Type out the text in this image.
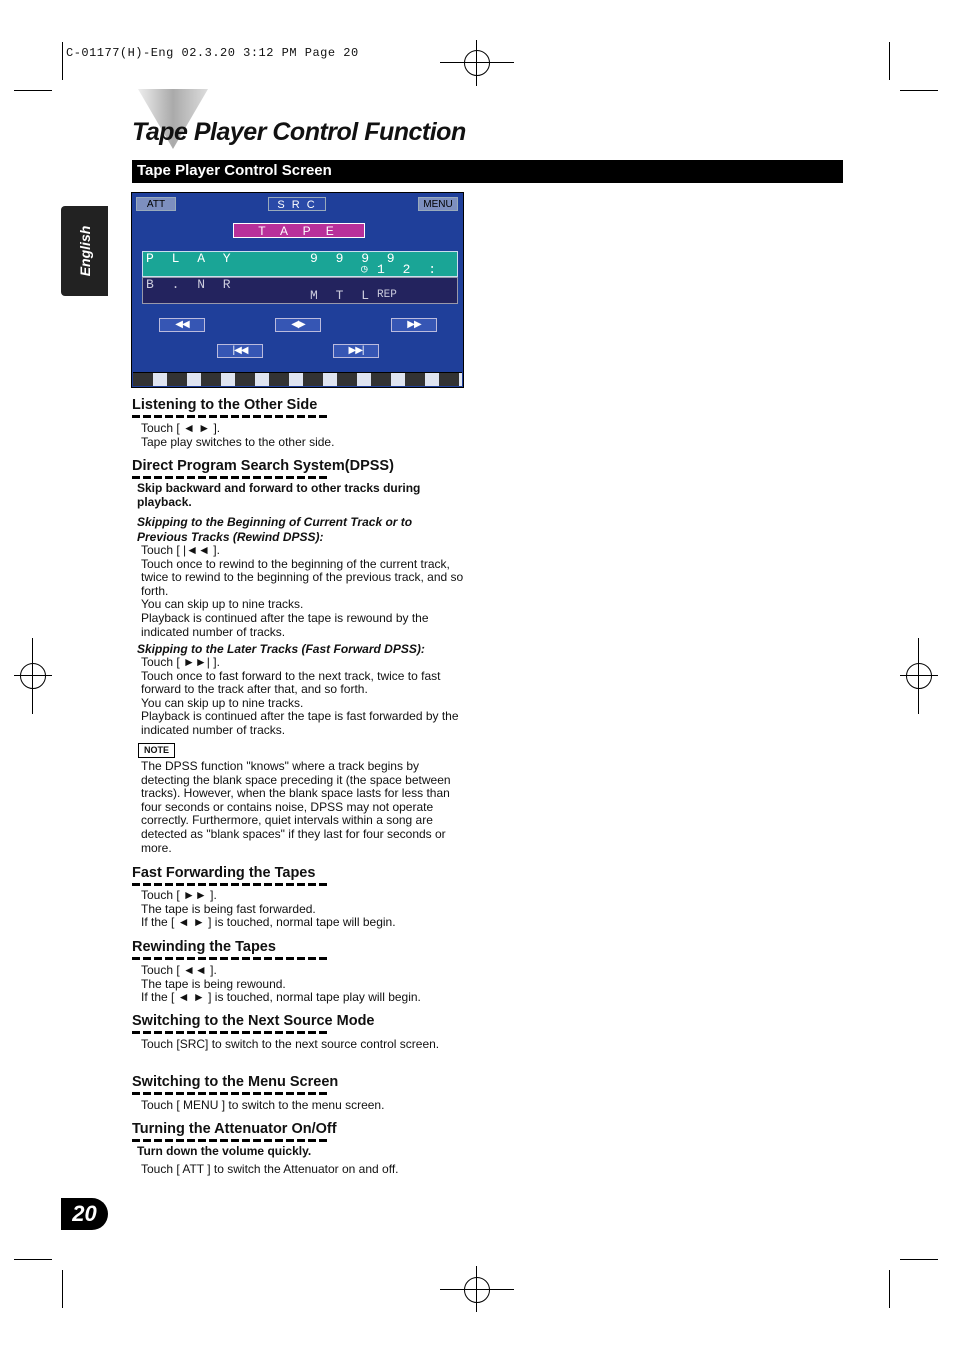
C-01177(H)-Eng 02.3.20 3:12 PM Page 20
Tape Player Control Function
Tape Player Control Screen
English
ATT	S R C	MENU
T A P E
P L A Y	9 9 9 9
◷ 1 2 :
B . N R
M T L REP
◀◀	◀▶	▶▶
|◀◀	▶▶|
Listening to the Other Side
Touch [ ◄ ► ].
Tape play switches to the other side.
Direct Program Search System(DPSS)
Skip backward and forward to other tracks during playback.
Skipping to the Beginning of Current Track or to Previous Tracks (Rewind DPSS):
Touch [ |◄◄ ].
Touch once to rewind to the beginning of the current track, twice to rewind to the beginning of the previous track, and so forth.
You can skip up to nine tracks.
Playback is continued after the tape is rewound by the indicated number of tracks.
Skipping to the Later Tracks (Fast Forward DPSS):
Touch [ ►►| ].
Touch once to fast forward to the next track, twice to fast forward to the track after that, and so forth.
You can skip up to nine tracks.
Playback is continued after the tape is fast forwarded by the indicated number of tracks.
NOTE
The DPSS function "knows" where a track begins by detecting the blank space preceding it (the space between tracks). However, when the blank space lasts for less than four seconds or contains noise, DPSS may not operate correctly. Furthermore, quiet intervals within a song are detected as "blank spaces" if they last for four seconds or more.
Fast Forwarding the Tapes
Touch [ ►► ].
The tape is being fast forwarded.
If the [ ◄ ► ] is touched, normal tape will begin.
Rewinding the Tapes
Touch [ ◄◄ ].
The tape is being rewound.
If the [ ◄ ► ] is touched, normal tape play will begin.
Switching to the Next Source Mode
Touch [SRC] to switch to the next source control screen.
Switching to the Menu Screen
Touch [ MENU ] to switch to the menu screen.
Turning the Attenuator On/Off
Turn down the volume quickly.
Touch [ ATT ] to switch the Attenuator on and off.
20
